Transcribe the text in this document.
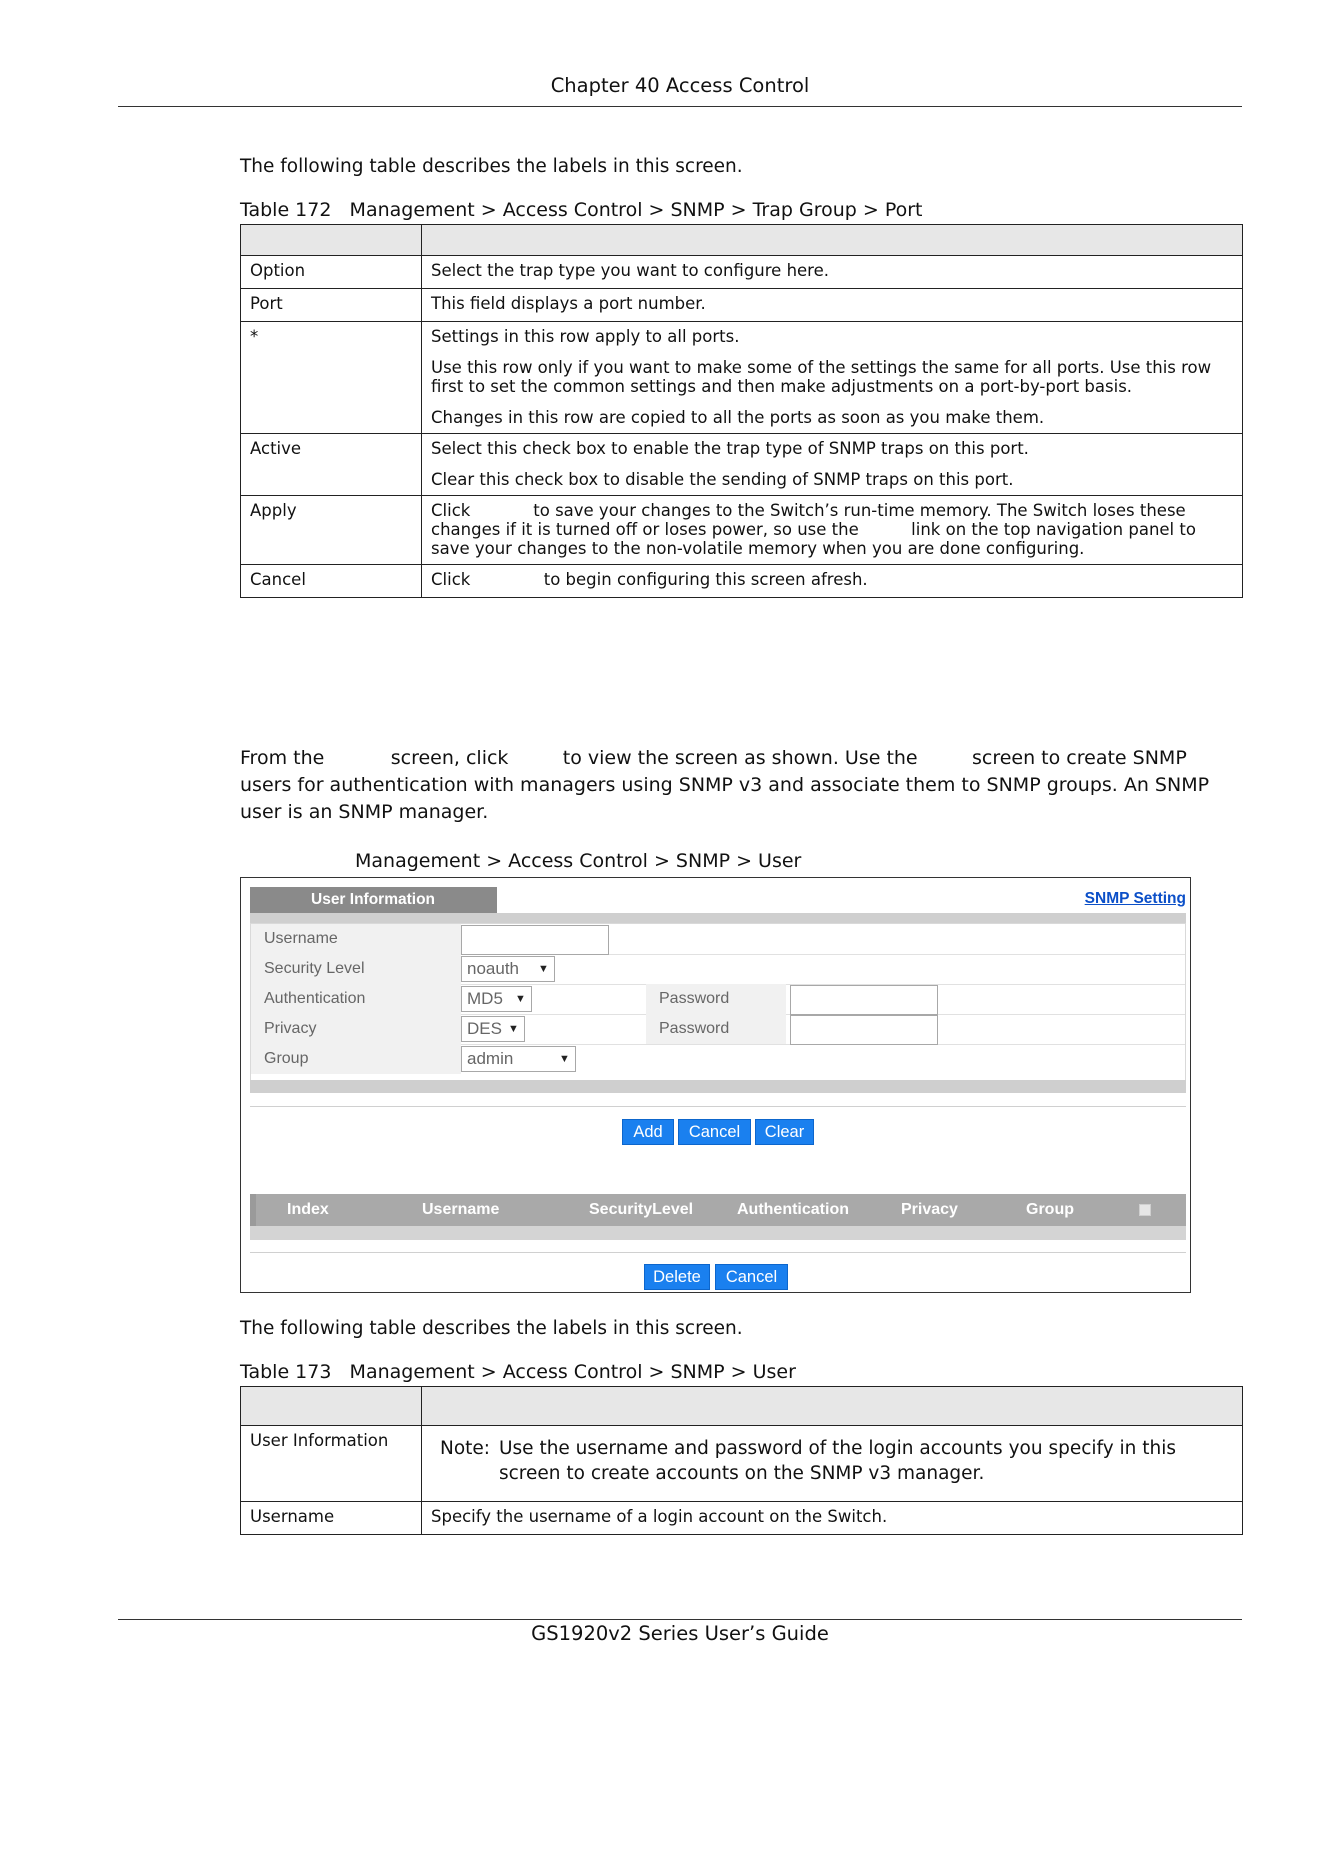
Chapter 40 Access Control
The following table describes the labels in this screen.
Table 172   Management > Access Control > SNMP > Trap Group > Port

Option	Select the trap type you want to configure here.

Port	This field displays a port number.

*	Settings in this row apply to all ports.

Use this row only if you want to make some of the settings the same for all ports. Use this row first to set the common settings and then make adjustments on a port-by-port basis.

Changes in this row are copied to all the ports as soon as you make them.

Active	Select this check box to enable the trap type of SNMP traps on this port.

Clear this check box to disable the sending of SNMP traps on this port.

Apply	Click            to save your changes to the Switch’s run-time memory. The Switch loses these changes if it is turned off or loses power, so use the          link on the top navigation panel to save your changes to the non-volatile memory when you are done configuring.

Cancel	Click              to begin configuring this screen afresh.

From the           screen, click         to view the screen as shown. Use the         screen to create SNMP users for authentication with managers using SNMP v3 and associate them to SNMP groups. An SNMP user is an SNMP manager.
Management > Access Control > SNMP > User
User Information	SNMP Setting
Username
Security Level	noauth ▼
Authentication	MD5 ▼	Password
Privacy	DES ▼	Password
Group	admin	▼
Add	Cancel	Clear
Index	Username	SecurityLevel	Authentication	Privacy	Group
Delete	Cancel
The following table describes the labels in this screen.
Table 173   Management > Access Control > SNMP > User

User Information	Note: Use the username and password of the login accounts you specify in this screen to create accounts on the SNMP v3 manager.

Username	Specify the username of a login account on the Switch.
GS1920v2 Series User’s Guide
